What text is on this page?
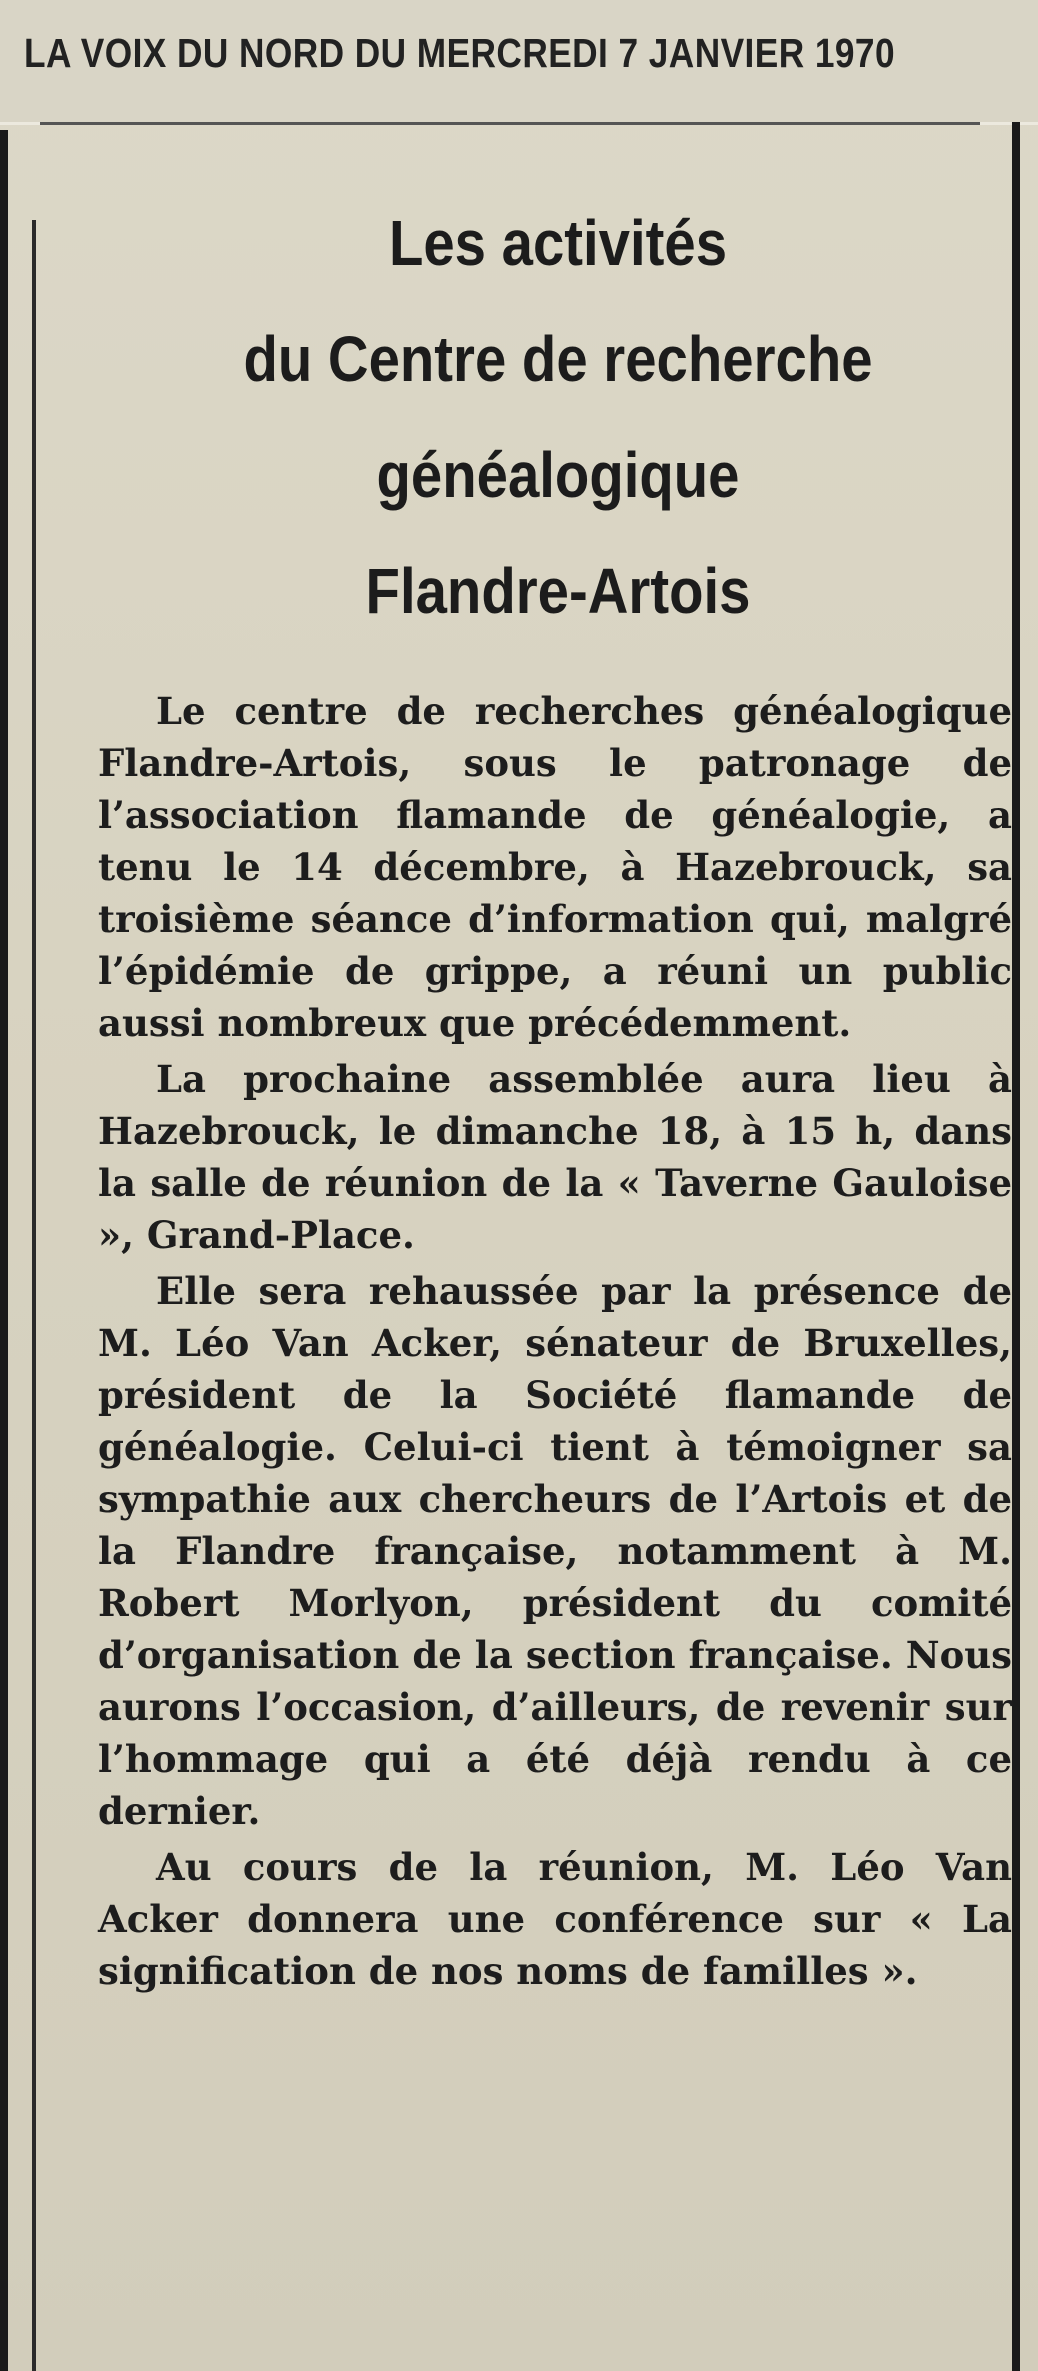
LA VOIX DU NORD DU MERCREDI 7 JANVIER 1970
Les activités
du Centre de recherche
généalogique
Flandre-Artois

Le centre de recherches généalogique Flandre-Artois, sous le patronage de l’association flamande de généalogie, a tenu le 14 décembre, à Hazebrouck, sa troisième séance d’information qui, malgré l’épidémie de grippe, a réuni un public aussi nombreux que précédemment.

La prochaine assemblée aura lieu à Hazebrouck, le dimanche 18, à 15 h, dans la salle de réunion de la « Taverne Gauloise », Grand-Place.

Elle sera rehaussée par la présence de M. Léo Van Acker, sénateur de Bruxelles, président de la Société flamande de généalogie. Celui-ci tient à témoigner sa sympathie aux chercheurs de l’Artois et de la Flandre française, notamment à M. Robert Morlyon, président du comité d’organisation de la section française. Nous aurons l’occasion, d’ailleurs, de revenir sur l’hommage qui a été déjà rendu à ce dernier.

Au cours de la réunion, M. Léo Van Acker donnera une conférence sur « La signification de nos noms de familles ».
